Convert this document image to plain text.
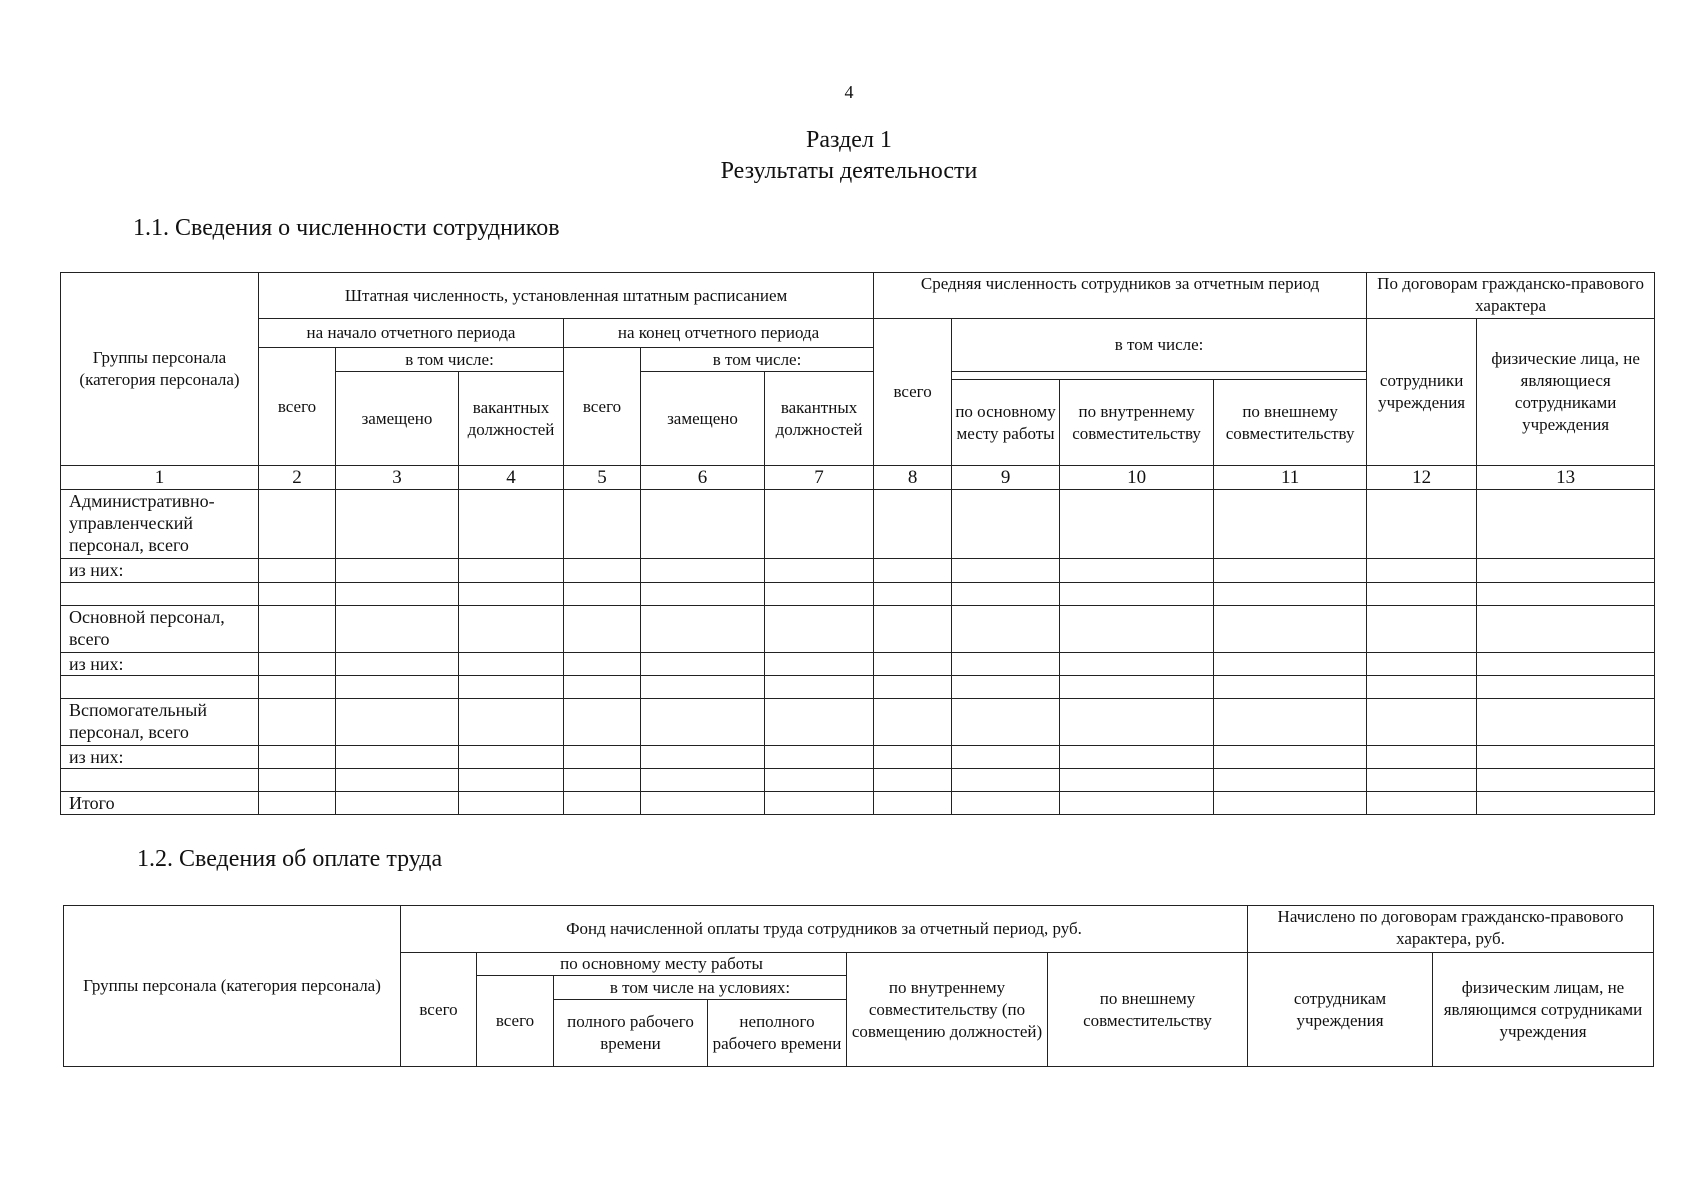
4
Раздел 1
Результаты деятельности
1.1. Сведения о численности сотрудников
Группы персонала (категория персонала)	Штатная численность, установленная штатным расписанием						Средняя численность сотрудников за отчетным период				По договорам гражданско-правового характера	
	на начало отчетного периода			на конец отчетного периода			всего	в том числе:			сотрудники учреждения	физические лица, не являющиеся сотрудниками учреждения
	всего	в том числе:		всего	в том числе:							
		замещено	вакантных должностей		замещено	вакантных должностей						
								по основному месту работы	по внутреннему совместительству	по внешнему совместительству		
1	2	3	4	5	6	7	8	9	10	11	12	13
Административно-управленческий персонал, всего												
из них:												

Основной персонал, всего												
из них:												

Вспомогательный персонал, всего												
из них:												

Итого												
1.2. Сведения об оплате труда
Группы персонала (категория персонала)	Фонд начисленной оплаты труда сотрудников за отчетный период, руб.						Начислено по договорам гражданско-правового характера, руб.	
	всего	по основному месту работы			по внутреннему совместительству (по совмещению должностей)	по внешнему совместительству	сотрудникам учреждения	физическим лицам, не являющимся сотрудниками учреждения
		всего	в том числе на условиях:					

			полного рабочего времени	неполного рабочего времени				
